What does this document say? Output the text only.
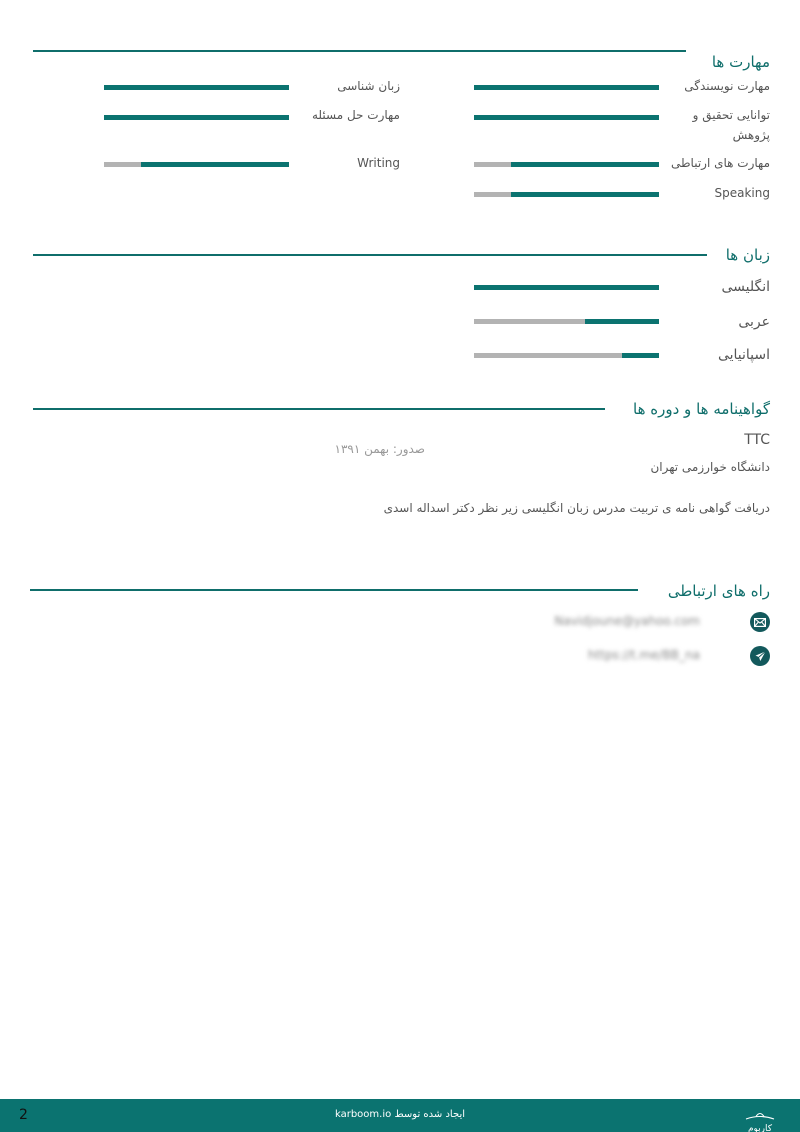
مهارت ها
مهارت نویسندگی
زبان شناسی
توانایی تحقیق و پژوهش
مهارت حل مسئله
مهارت های ارتباطی
Writing
Speaking
زبان ها
انگلیسی
عربی
اسپانیایی
گواهینامه ها و دوره ها
TTC
صدور: بهمن ۱۳۹۱
دانشگاه خوارزمی تهران
دریافت گواهی نامه ی تربیت مدرس زبان انگلیسی زیر نظر دکتر اسداله اسدی
راه های ارتباطی
Navidjoune@yahoo.com
https://t.me/BB_na
2	ایجاد شده توسط karboom.io
کاربوم
